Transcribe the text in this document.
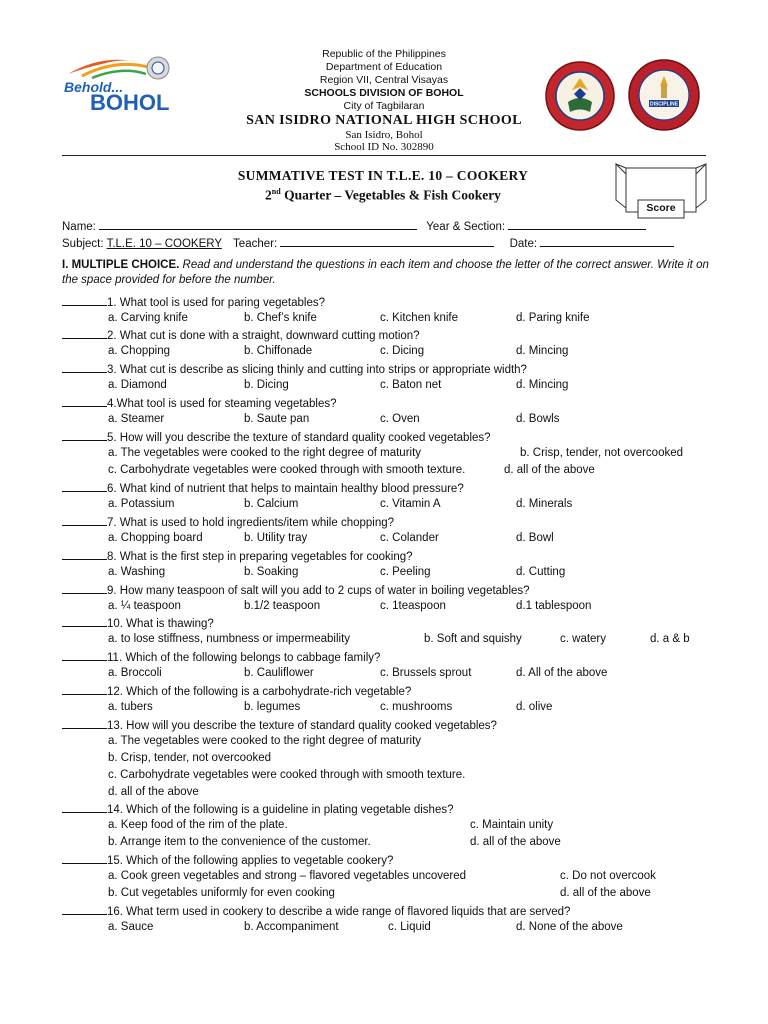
Behold...
BOHOL	DISCIPLINE
Republic of the Philippines
Department of Education
Region VII, Central Visayas
SCHOOLS DIVISION OF BOHOL
City of Tagbilaran
SAN ISIDRO NATIONAL HIGH SCHOOL
San Isidro, Bohol
School ID No. 302890
SUMMATIVE TEST IN T.L.E. 10 – COOKERY
2nd Quarter – Vegetables & Fish Cookery
Score
Name:	Year & Section:
Subject: T.L.E. 10 – COOKERY Teacher:	Date:
I. MULTIPLE CHOICE. Read and understand the questions in each item and choose the letter of the correct answer. Write it on the space provided for before the number.
1. What tool is used for paring vegetables?
a. Carving knife	b. Chef’s knife	c. Kitchen knife	d. Paring knife
2. What cut is done with a straight, downward cutting motion?
a. Chopping	b. Chiffonade	c. Dicing	d. Mincing
3. What cut is describe as slicing thinly and cutting into strips or appropriate width?
a. Diamond	b. Dicing	c. Baton net	d. Mincing
4.What tool is used for steaming vegetables?
a. Steamer	b. Saute pan	c. Oven	d. Bowls
5. How will you describe the texture of standard quality cooked vegetables?
a. The vegetables were cooked to the right degree of maturity	b. Crisp, tender, not overcooked
c. Carbohydrate vegetables were cooked through with smooth texture.	d. all of the above
6. What kind of nutrient that helps to maintain healthy blood pressure?
a. Potassium	b. Calcium	c. Vitamin A	d. Minerals
7. What is used to hold ingredients/item while chopping?
a. Chopping board	b. Utility tray	c. Colander	d. Bowl
8. What is the first step in preparing vegetables for cooking?
a. Washing	b. Soaking	c. Peeling	d. Cutting
9. How many teaspoon of salt will you add to 2 cups of water in boiling vegetables?
a. ¼ teaspoon	b.1/2 teaspoon	c. 1teaspoon	d.1 tablespoon
10. What is thawing?
a. to lose stiffness, numbness or impermeability	b. Soft and squishy	c. watery	d. a & b
11. Which of the following belongs to cabbage family?
a. Broccoli	b. Cauliflower	c. Brussels sprout	d. All of the above
12. Which of the following is a carbohydrate-rich vegetable?
a. tubers	b. legumes	c. mushrooms	d. olive
13. How will you describe the texture of standard quality cooked vegetables?
a. The vegetables were cooked to the right degree of maturity
b. Crisp, tender, not overcooked
c. Carbohydrate vegetables were cooked through with smooth texture.
d. all of the above
14. Which of the following is a guideline in plating vegetable dishes?
a. Keep food of the rim of the plate.	c. Maintain unity
b. Arrange item to the convenience of the customer.	d. all of the above
15. Which of the following applies to vegetable cookery?
a. Cook green vegetables and strong – flavored vegetables uncovered	c. Do not overcook
b. Cut vegetables uniformly for even cooking	d. all of the above
16. What term used in cookery to describe a wide range of flavored liquids that are served?
a. Sauce	b. Accompaniment	c. Liquid	d. None of the above
